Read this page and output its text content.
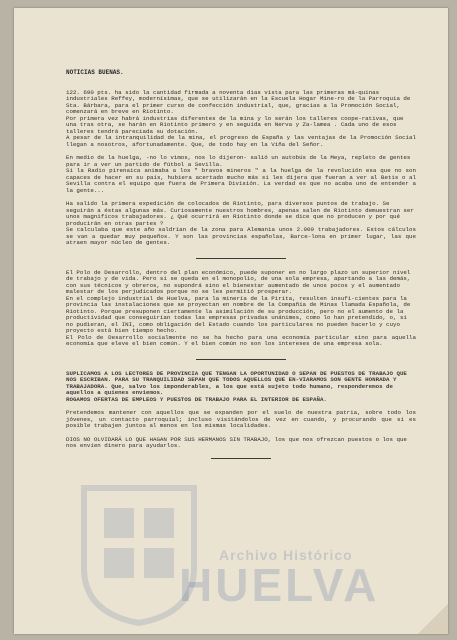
Archivo Histórico
HUELVA

NOTICIAS BUENAS.

122. 690 pts. ha sido la cantidad firmada a noventa días vista para las primeras má-quinas industriales Reffey, modernísimas, que se utilizarán en la Escuela Hogar Mine-ro de la Parroquia de Sta. Bárbara, para el primer curso de confección industrial, que, gracias a la Promoción Social, comenzará en breve en Riotinto.

Por primera vez habrá industrias diferentes de la mina y lo serán los talleres coope-rativas, que una tras otra, se harán en Riotinto primero y en seguida en Nerva y Za-lamea . Cada uno de esos talleres tendrá pareciada su dotación.

A pesar de la intranquilidad de la mina, el progreso de España y las ventajas de la Promoción Social llegan a nosotros, afortunadamente. Que, de todo hay en la Viña del Señor.

En medio de la huelga, -no lo vimos, nos lo dijeron- salió un autobús de la Meya, repleto de gentes para ir a ver un partido de fútbol a Sevilla.

Si la Radio pirenaica animaba a los " bravos mineros " a la huelga de la revolución esa que no son capaces de hacer en su país, hubiera acertado mucho más si les dijera que fueran a ver al Betis o al Sevilla contra el equipo que fuera de Primera División. La verdad es que no acaba uno de entender a la gente...

Ha salido la primera expedición de colocados de Riotinto, para diversos puntos de trabajo. Se seguirán a éstas algunas más. Curiosamente nuestros hombres, apenas salen de Riotinto demuestran ser unos magníficos trabajadores. ¿ Qué ocurrirá en Riotinto donde se dice que no producen y por qué producirán en otras partes ?

Se calculaba que este año saldrían de la zona para Alemania unos 2.000 trabajadores. Estos cálculos se van a quedar muy pequeños. Y son las provincias españolas, Barce-lona en primer lugar, las que atraen mayor núcleo de gentes.

El Polo de Desarrollo, dentro del plan económico, puede suponer en no largo plazo un superior nivel de trabajo y de vida. Pero si se queda en el monopolio, de una sola empresa, apartando a las demás, con sus técnicos y obreros, no supondrá sino el bienestar aumentado de unos pocos y el aumentado malestar de los perjudicados porque no se les permitió prosperar.

En el complejo industrial de Huelva, para la minería de la Pirita, resulten insufi-cientes para la provincia las instalaciones que se proyectan en nombre de la Compañía de Minas llamada Española, de Riotinto. Porque presuponen ciertamente la asimilación de su producción, pero no el aumento de la productividad que conseguirían todas las empresas privadas unánimes, como lo han pretendido, o, si no pudieran, el INI, como obligación del Estado cuando los particulares no pueden hacerlo y cuyo proyecto está bien tiempo hecho.

El Polo de Desarrollo socialmente no se ha hecho para una economía particular sino para aquella economía que eleve el bien común. Y el bien común no son los intereses de una empresa sola.

SUPLICAMOS A LOS LECTORES DE PROVINCIA QUE TENGAN LA OPORTUNIDAD O SEPAN DE PUESTOS DE TRABAJO QUE NOS ESCRIBAN. PARA SU TRANQUILIDAD SEPAN QUE TODOS AQUELLOS QUE EN-VIARAMOS SON GENTE HONRADA Y TRABAJADORA. Que, salvo los imponderables, a los que está sujeto todo humano, responderemos de aquellos a quienes enviemos.

ROGAMOS OFERTAS DE EMPLEOS Y PUESTOS DE TRABAJO PARA EL INTERIOR DE ESPAÑA.

Pretendemos mantener con aquellos que se expanden por el suelo de nuestra patria, sobre todo los jóvenes, un contacto parroquial; incluso visitándolos de vez en cuando, y procurando que si es posible trabajen juntos al menos en los mismas localidades.

DIOS NO OLVIDARÁ LO QUE HAGAN POR SUS HERMANOS SIN TRABAJO, los que nos ofrezcan puestos o los que nos envíen dinero para ayudarlos.
